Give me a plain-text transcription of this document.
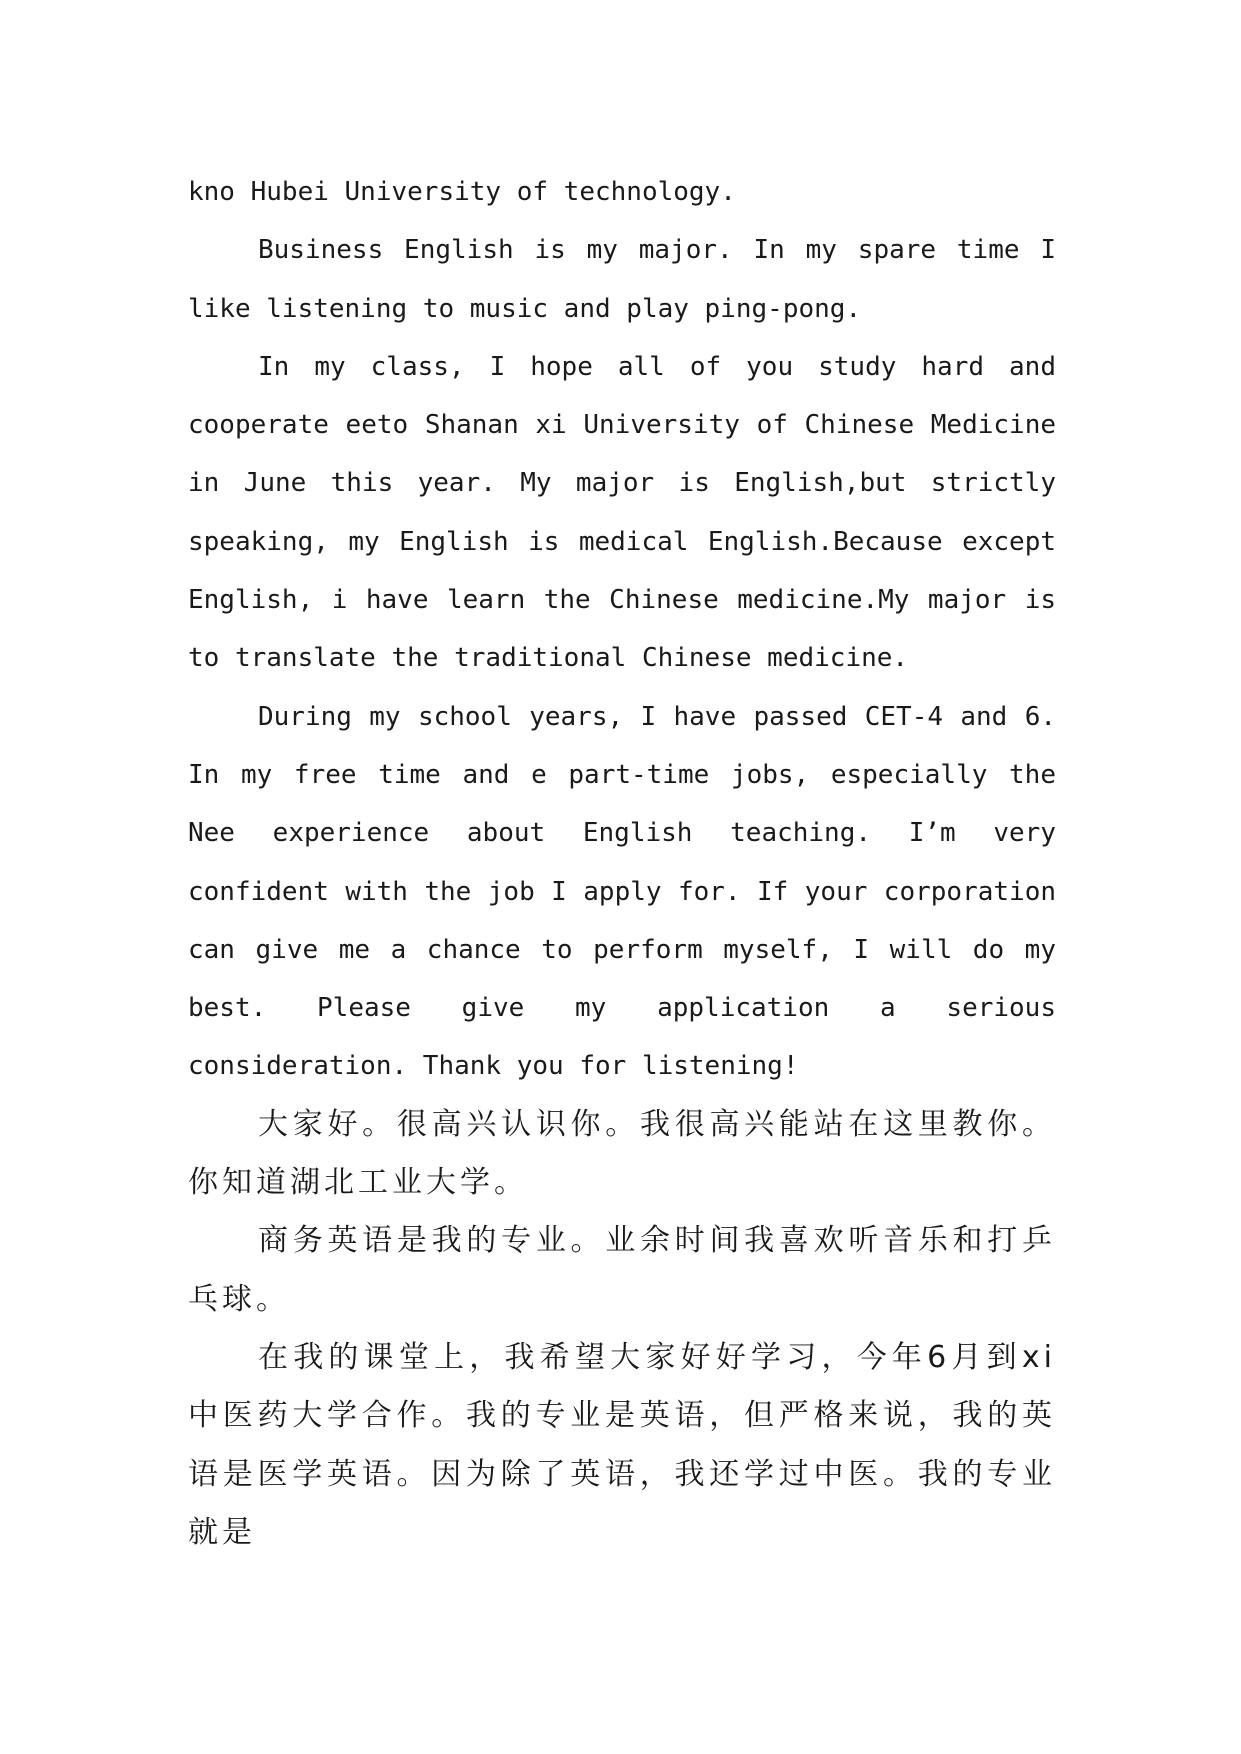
kno Hubei University of technology.

Business English is my major. In my spare time I like listening to music and play ping-pong.

In my class, I hope all of you study hard and cooperate eeto Shanan xi University of Chinese Medicine in June this year. My major is English,but strictly speaking, my English is medical English.Because except English, i have learn the Chinese medicine.My major is to translate the traditional Chinese medicine.

During my school years, I have passed CET-4 and 6. In my free time and e part-time jobs, especially the Nee experience about English teaching. I’m very confident with the job I apply for. If your corporation can give me a chance to perform myself, I will do my best. Please give my application a serious consideration. Thank you for listening!

大家好。很高兴认识你。我很高兴能站在这里教你。你知道湖北工业大学。

商务英语是我的专业。业余时间我喜欢听音乐和打乒乓球。

在我的课堂上，我希望大家好好学习，今年6月到xi中医药大学合作。我的专业是英语，但严格来说，我的英语是医学英语。因为除了英语，我还学过中医。我的专业就是
